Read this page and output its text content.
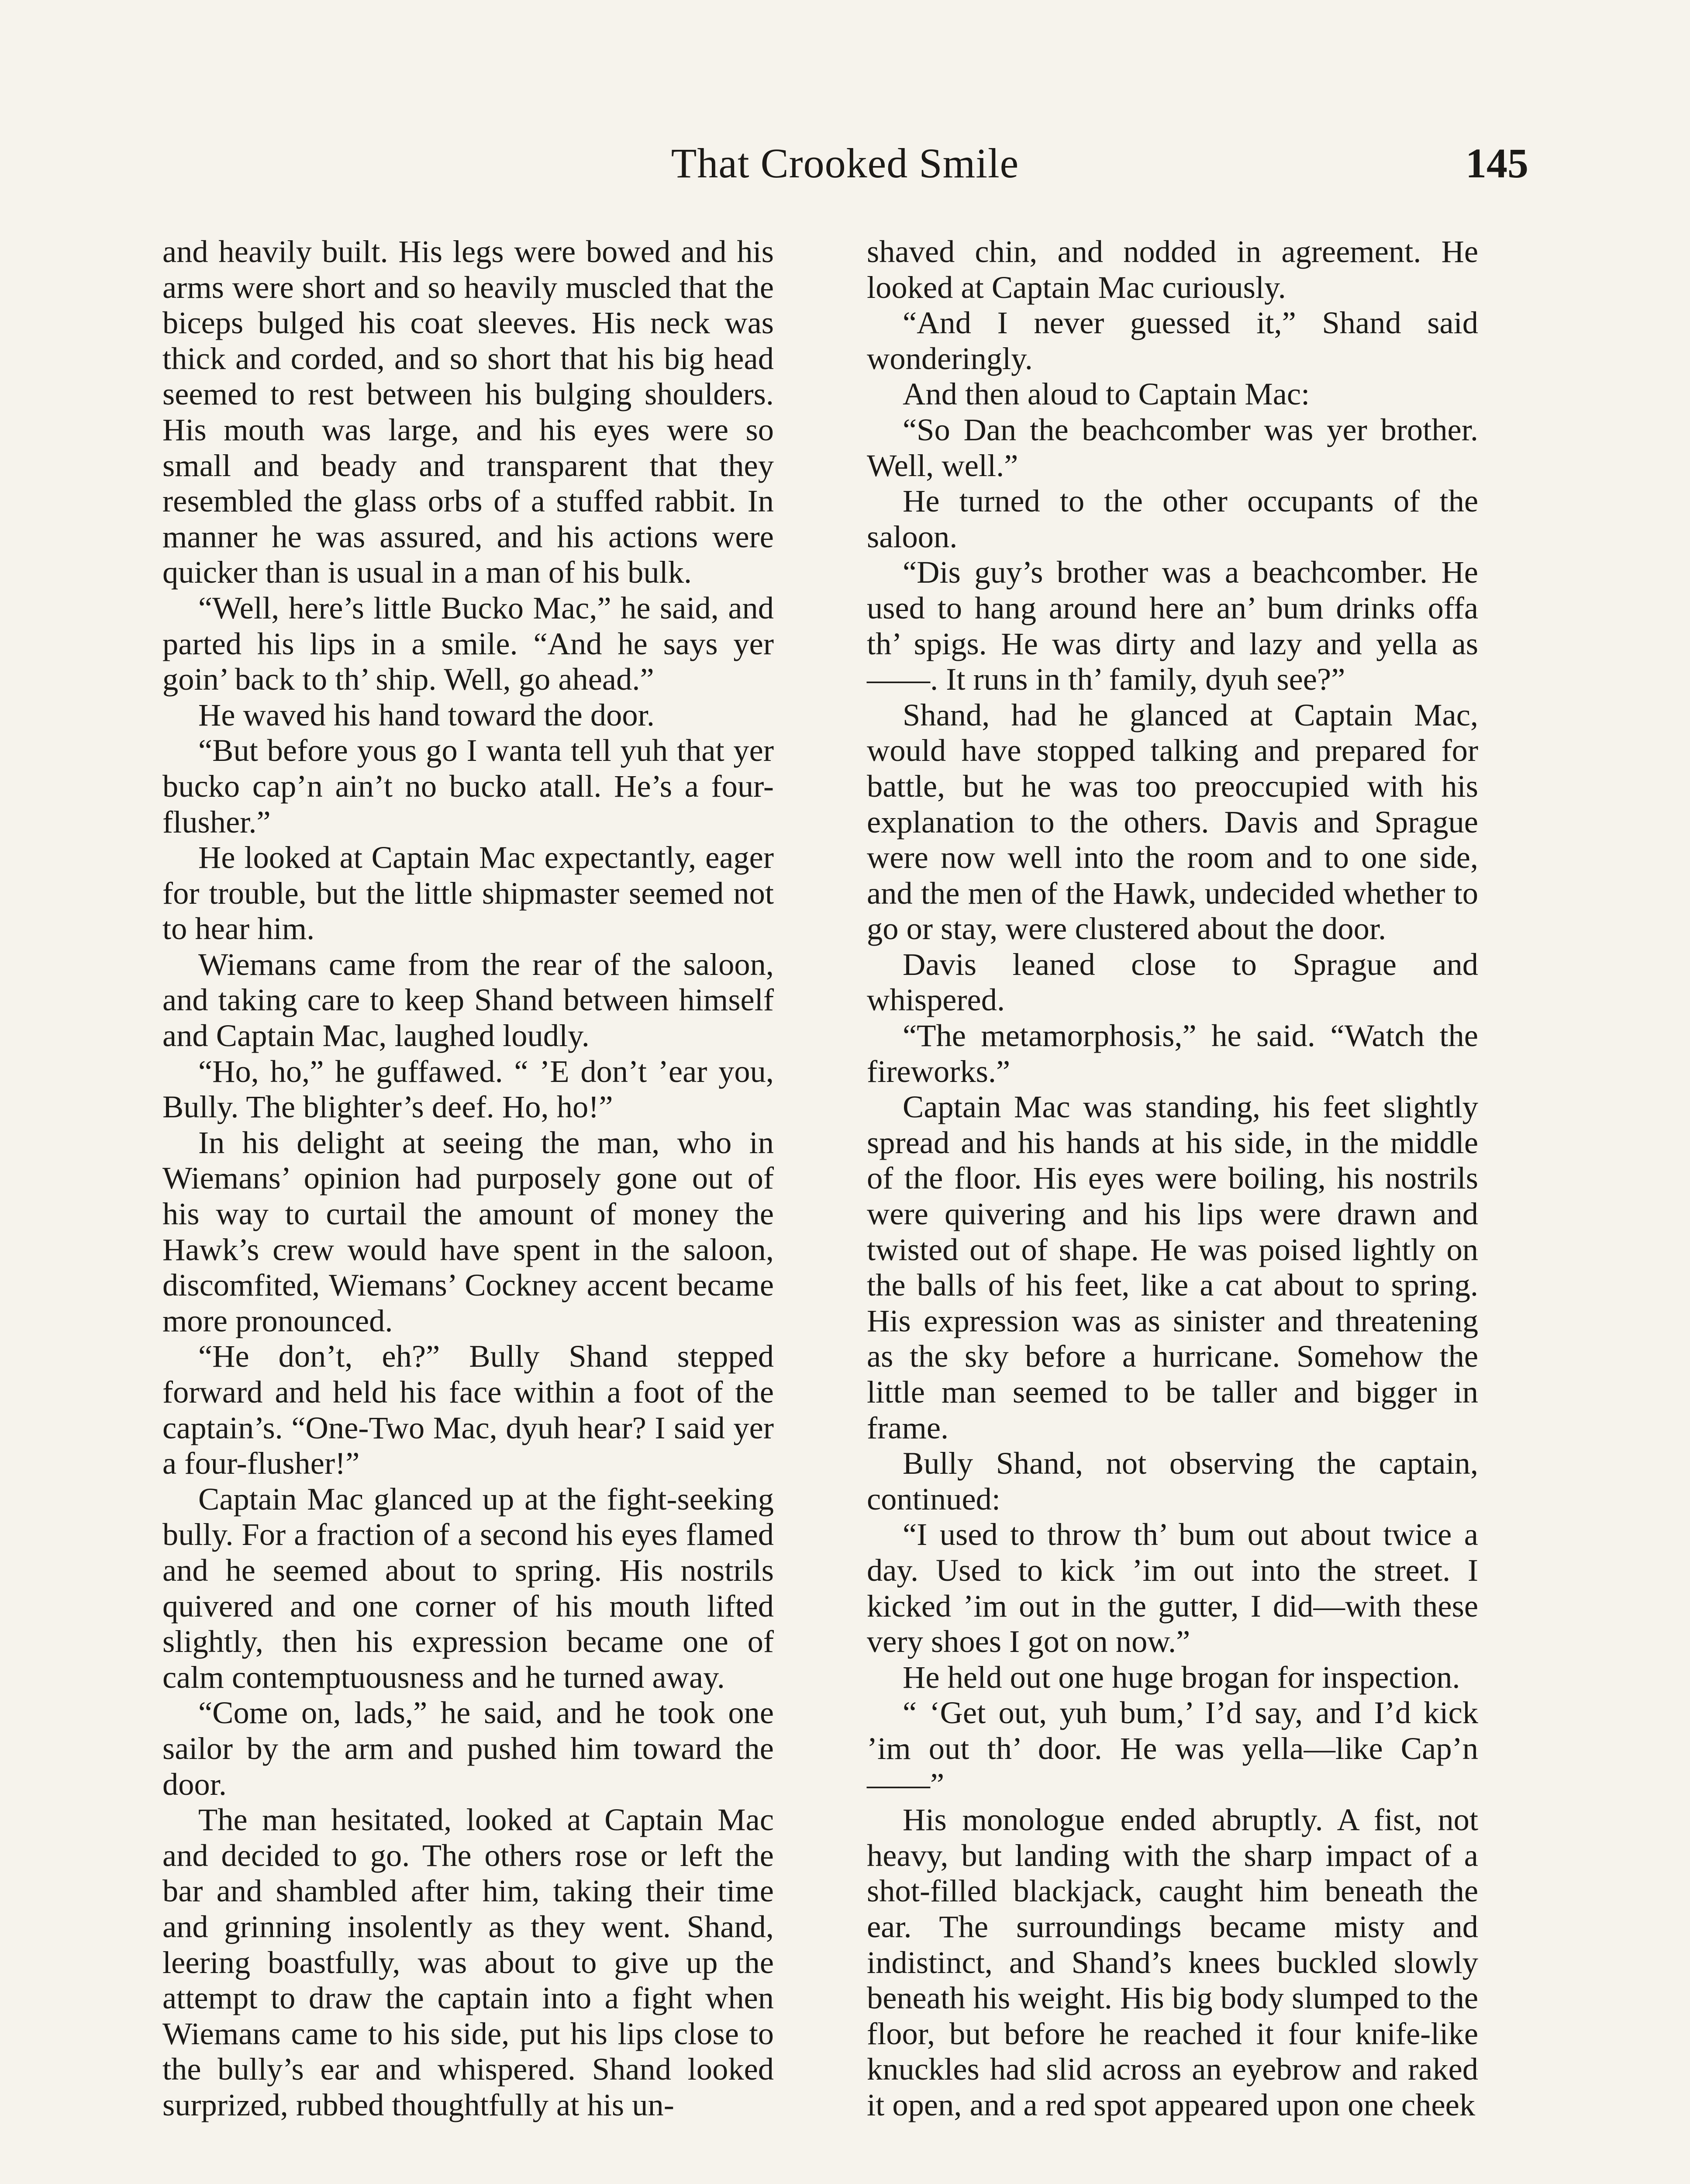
That Crooked Smile	145

and heavily built. His legs were bowed and his arms were short and so heavily muscled that the biceps bulged his coat sleeves. His neck was thick and corded, and so short that his big head seemed to rest between his bulging shoulders. His mouth was large, and his eyes were so small and beady and transparent that they resembled the glass orbs of a stuffed rabbit. In manner he was assured, and his actions were quicker than is usual in a man of his bulk.

“Well, here’s little Bucko Mac,” he said, and parted his lips in a smile. “And he says yer goin’ back to th’ ship. Well, go ahead.”

He waved his hand toward the door.

“But before yous go I wanta tell yuh that yer bucko cap’n ain’t no bucko atall. He’s a four-flusher.”

He looked at Captain Mac expectantly, eager for trouble, but the little shipmaster seemed not to hear him.

Wiemans came from the rear of the saloon, and taking care to keep Shand between himself and Captain Mac, laughed loudly.

“Ho, ho,” he guffawed. “ ’E don’t ’ear you, Bully. The blighter’s deef. Ho, ho!”

In his delight at seeing the man, who in Wiemans’ opinion had purposely gone out of his way to curtail the amount of money the Hawk’s crew would have spent in the saloon, discomfited, Wiemans’ Cockney accent became more pronounced.

“He don’t, eh?” Bully Shand stepped forward and held his face within a foot of the captain’s. “One-Two Mac, dyuh hear? I said yer a four-flusher!”

Captain Mac glanced up at the fight-seeking bully. For a fraction of a second his eyes flamed and he seemed about to spring. His nostrils quivered and one corner of his mouth lifted slightly, then his expression became one of calm contemptuousness and he turned away.

“Come on, lads,” he said, and he took one sailor by the arm and pushed him toward the door.

The man hesitated, looked at Captain Mac and decided to go. The others rose or left the bar and shambled after him, taking their time and grinning insolently as they went. Shand, leering boastfully, was about to give up the attempt to draw the captain into a fight when Wiemans came to his side, put his lips close to the bully’s ear and whispered. Shand looked surprized, rubbed thoughtfully at his un-

shaved chin, and nodded in agreement. He looked at Captain Mac curiously.

“And I never guessed it,” Shand said wonderingly.

And then aloud to Captain Mac:

“So Dan the beachcomber was yer brother. Well, well.”

He turned to the other occupants of the saloon.

“Dis guy’s brother was a beachcomber. He used to hang around here an’ bum drinks offa th’ spigs. He was dirty and lazy and yella as ——. It runs in th’ family, dyuh see?”

Shand, had he glanced at Captain Mac, would have stopped talking and prepared for battle, but he was too preoccupied with his explanation to the others. Davis and Sprague were now well into the room and to one side, and the men of the Hawk, undecided whether to go or stay, were clustered about the door.

Davis leaned close to Sprague and whispered.

“The metamorphosis,” he said. “Watch the fireworks.”

Captain Mac was standing, his feet slightly spread and his hands at his side, in the middle of the floor. His eyes were boiling, his nostrils were quivering and his lips were drawn and twisted out of shape. He was poised lightly on the balls of his feet, like a cat about to spring. His expression was as sinister and threatening as the sky before a hurricane. Somehow the little man seemed to be taller and bigger in frame.

Bully Shand, not observing the captain, continued:

“I used to throw th’ bum out about twice a day. Used to kick ’im out into the street. I kicked ’im out in the gutter, I did—with these very shoes I got on now.”

He held out one huge brogan for inspection.

“ ‘Get out, yuh bum,’ I’d say, and I’d kick ’im out th’ door. He was yella—like Cap’n——”

His monologue ended abruptly. A fist, not heavy, but landing with the sharp impact of a shot-filled blackjack, caught him beneath the ear. The surroundings became misty and indistinct, and Shand’s knees buckled slowly beneath his weight. His big body slumped to the floor, but before he reached it four knife-like knuckles had slid across an eyebrow and raked it open, and a red spot appeared upon one cheek
